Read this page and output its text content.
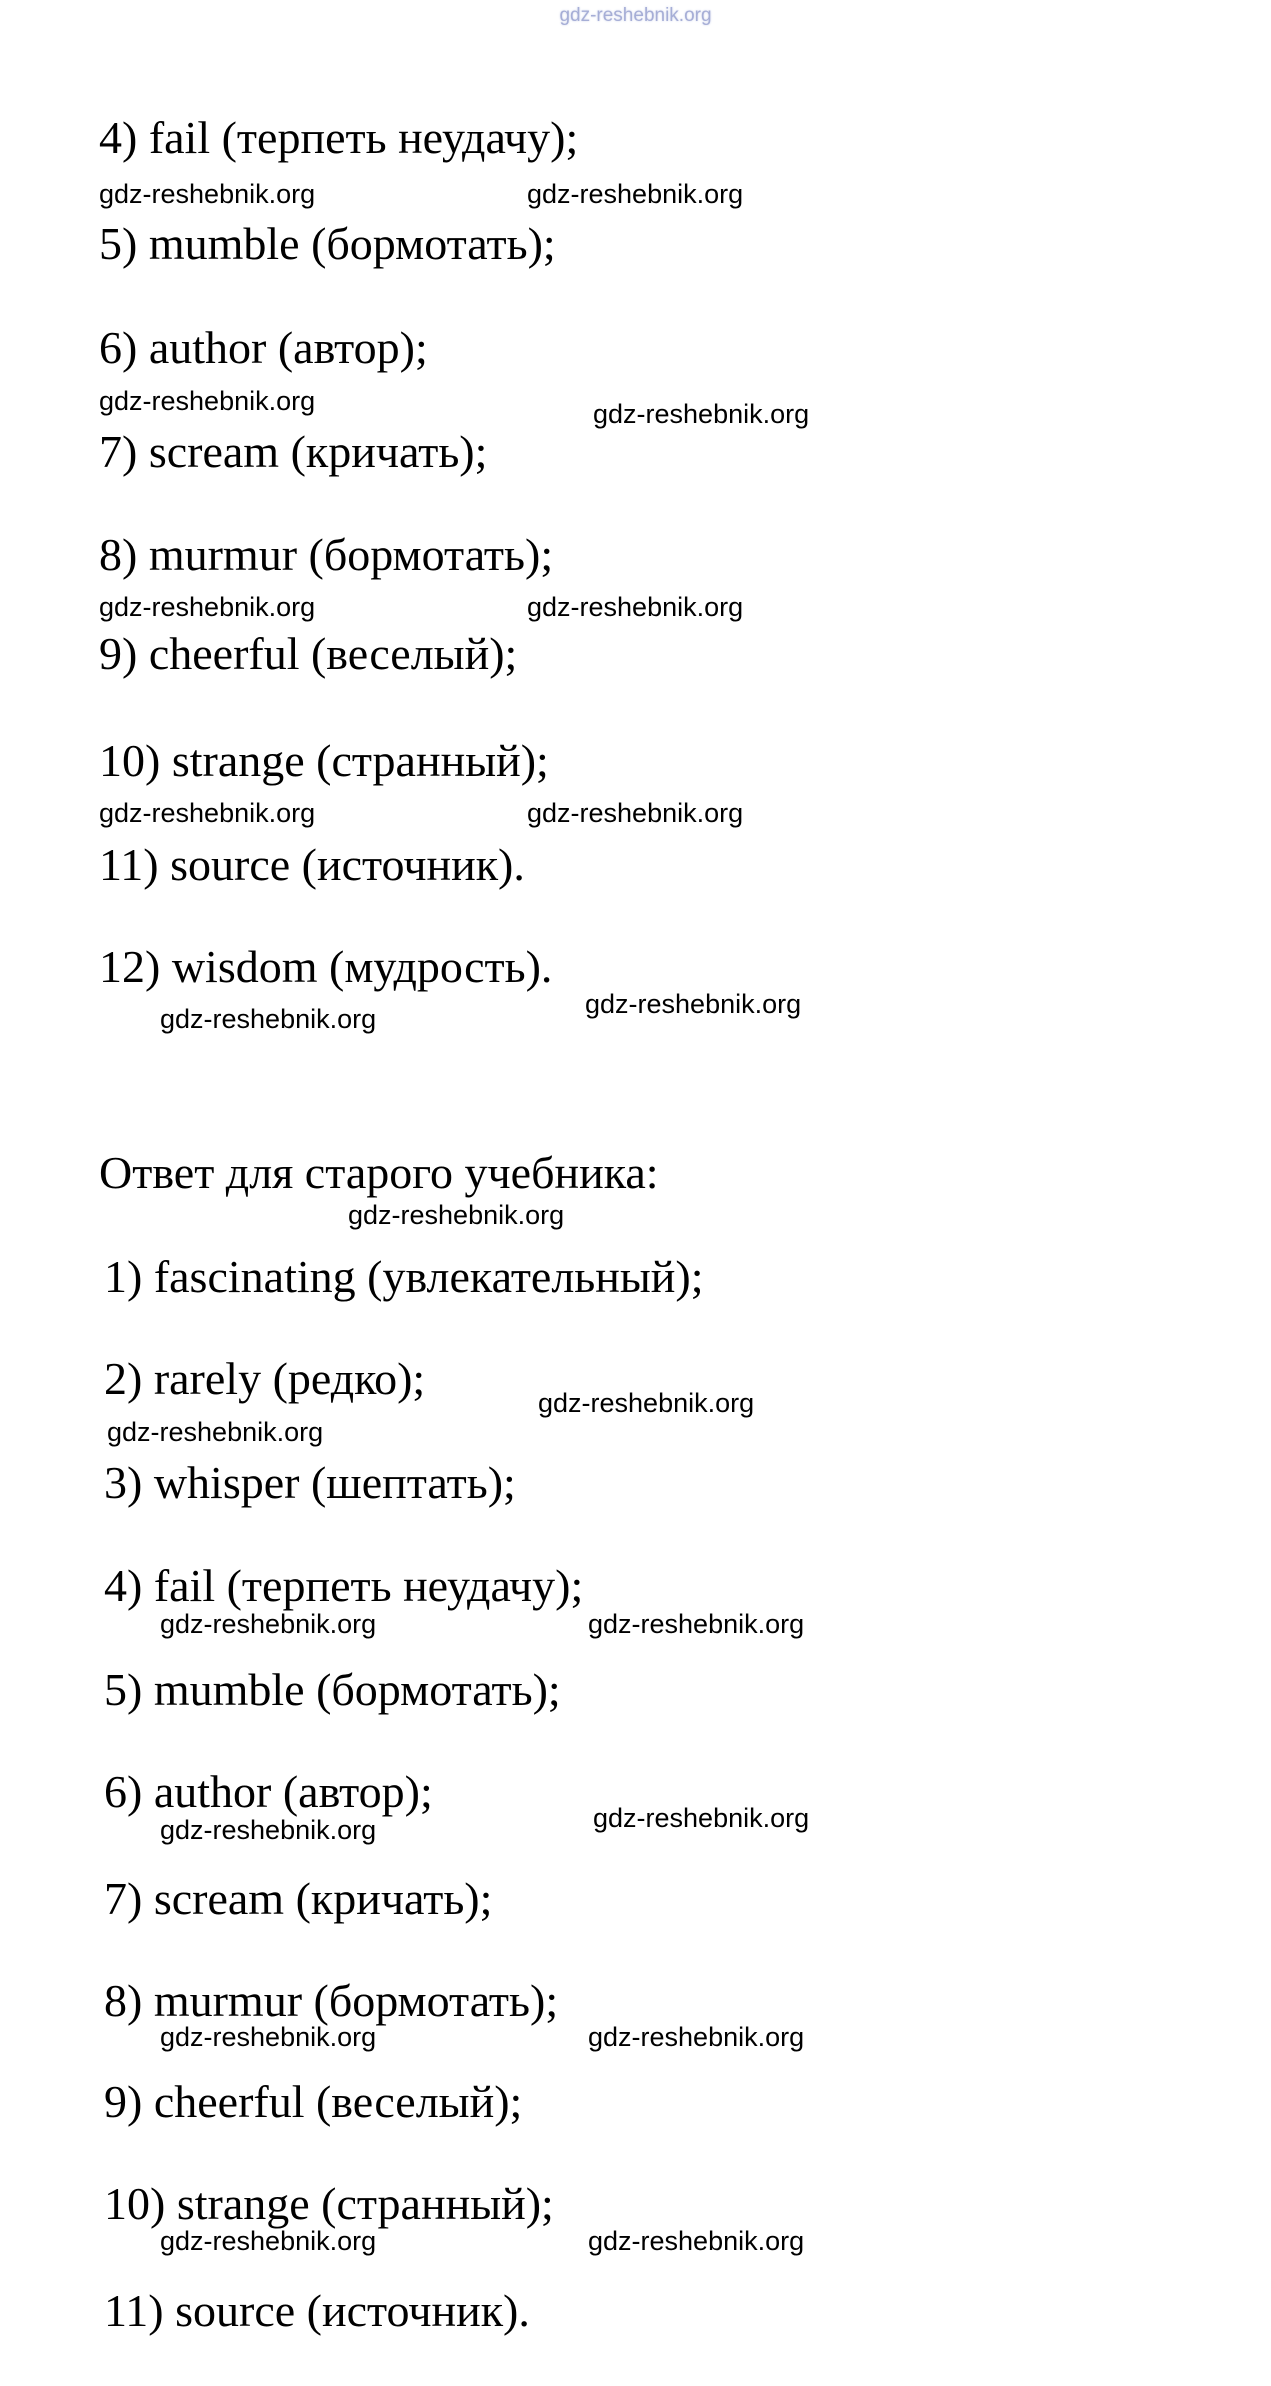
gdz-reshebnik.org
4) fail (терпеть неудачу);
gdz-reshebnik.org	gdz-reshebnik.org
5) mumble (бормотать);
6) author (автор);
gdz-reshebnik.org	gdz-reshebnik.org
7) scream (кричать);
8) murmur (бормотать);
gdz-reshebnik.org	gdz-reshebnik.org
9) cheerful (веселый);
10) strange (странный);
gdz-reshebnik.org	gdz-reshebnik.org
11) source (источник).
12) wisdom (мудрость).
gdz-reshebnik.org
gdz-reshebnik.org
Ответ для старого учебника:
gdz-reshebnik.org
1) fascinating (увлекательный);
2) rarely (редко);	gdz-reshebnik.org
gdz-reshebnik.org
3) whisper (шептать);
4) fail (терпеть неудачу);
gdz-reshebnik.org	gdz-reshebnik.org
5) mumble (бормотать);
6) author (автор);
gdz-reshebnik.org
gdz-reshebnik.org
7) scream (кричать);
8) murmur (бормотать);
gdz-reshebnik.org	gdz-reshebnik.org
9) cheerful (веселый);
10) strange (странный);
gdz-reshebnik.org	gdz-reshebnik.org
11) source (источник).
